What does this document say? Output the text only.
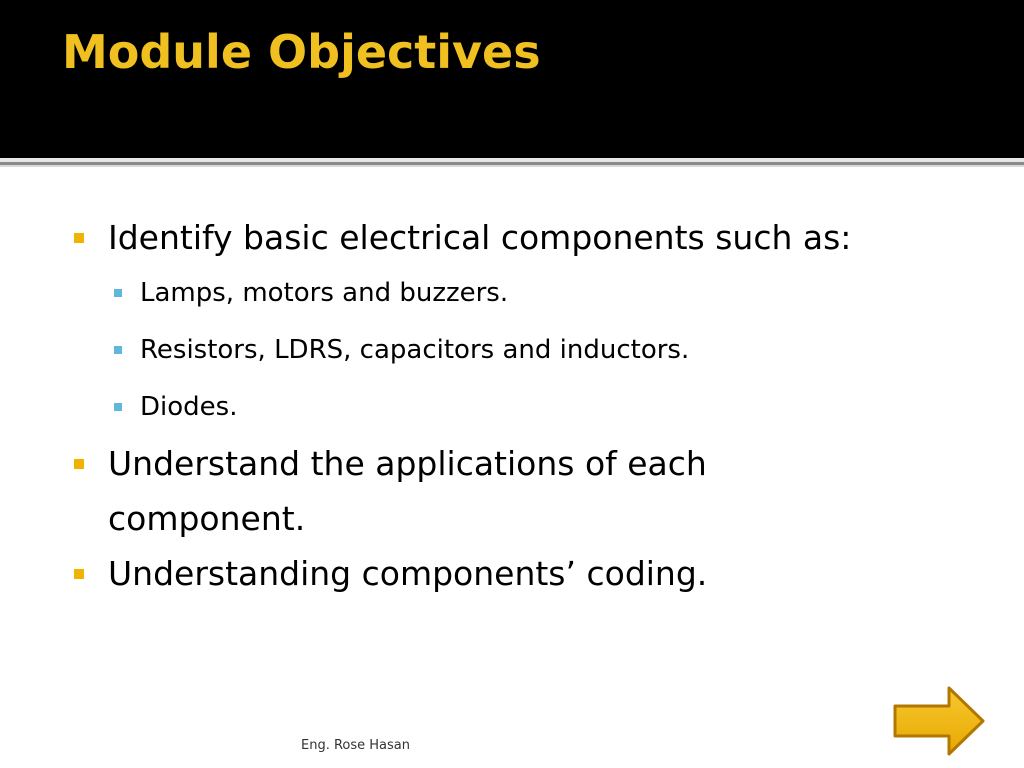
Module Objectives
Identify basic electrical components such as:
Lamps, motors and buzzers.
Resistors, LDRS, capacitors and inductors.
Diodes.
Understand the applications of each
component.
Understanding components’ coding.
Eng. Rose Hasan
